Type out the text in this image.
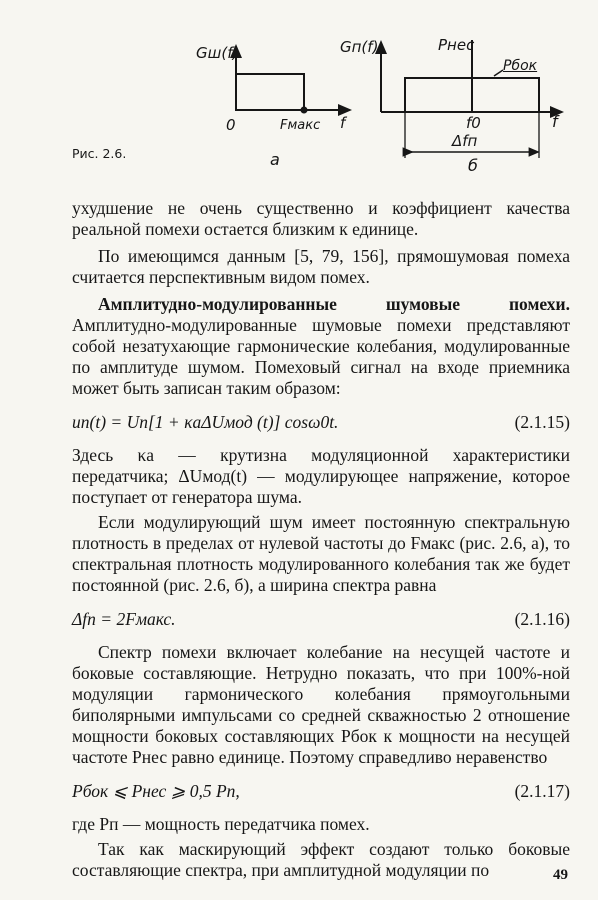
Gш(f)
0	Fмакс f
а
Gп(f)	Pнес
Pбок
f0	f
Δfп
б
Рис. 2.6.

ухудшение не очень существенно и коэффициент качества реальной помехи остается близким к единице.

По имеющимся данным [5, 79, 156], прямошумовая помеха считается перспективным видом помех.

Амплитудно-модулированные шумовые помехи. Амплитудно-модулированные шумовые помехи представляют собой незатухающие гармонические колебания, модулированные по амплитуде шумом. Помеховый сигнал на входе приемника может быть записан таким образом:

uп(t) = Uп[1 + κаΔUмод (t)] cosω0t.	(2.1.15)

Здесь κа — крутизна модуляционной характеристики передатчика; ΔUмод(t) — модулирующее напряжение, которое поступает от генератора шума.

Если модулирующий шум имеет постоянную спектральную плотность в пределах от нулевой частоты до Fмакс (рис. 2.6, а), то спектральная плотность модулированного колебания так же будет постоянной (рис. 2.6, б), а ширина спектра равна

Δfп = 2Fмакс.	(2.1.16)

Спектр помехи включает колебание на несущей частоте и боковые составляющие. Нетрудно показать, что при 100%-ной модуляции гармонического колебания прямоугольными биполярными импульсами со средней скважностью 2 отношение мощности боковых составляющих Pбок к мощности на несущей частоте Pнес равно единице. Поэтому справедливо неравенство

Pбок ⩽ Pнес ⩾ 0,5 Pп,	(2.1.17)

где Pп — мощность передатчика помех.

Так как маскирующий эффект создают только боковые составляющие спектра, при амплитудной модуляции по	49
